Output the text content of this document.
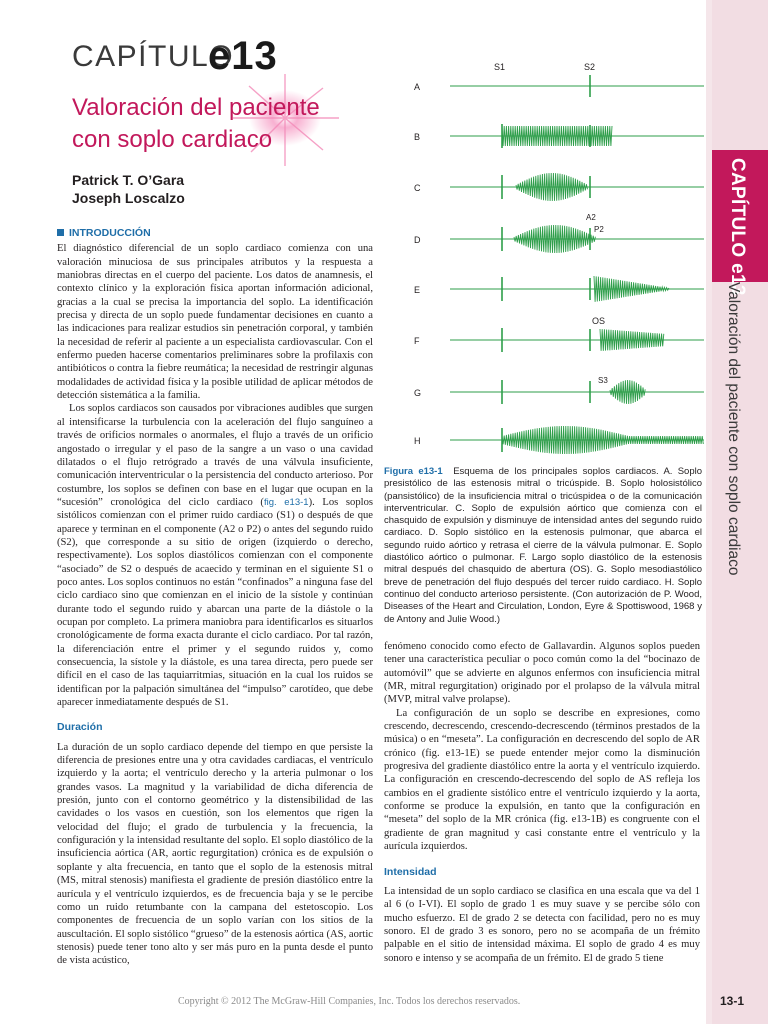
CAPÍTULO e13
Valoración del paciente con soplo cardiaco
CAPÍTULO
e13
Valoración del paciente
con soplo cardiaco
Patrick T. O’Gara
Joseph Loscalzo
INTRODUCCIÓN

El diagnóstico diferencial de un soplo cardiaco comienza con una valoración minuciosa de sus principales atributos y la respuesta a maniobras directas en el cuerpo del paciente. Los datos de anamnesis, el contexto clínico y la exploración física aportan información adicional, gracias a la cual se precisa la importancia del soplo. La identificación precisa y directa de un soplo puede fundamentar decisiones en cuanto a las indicaciones para realizar estudios sin penetración corporal, y también la necesidad de referir al paciente a un especialista cardiovascular. Con el enfermo pueden hacerse comentarios preliminares sobre la profilaxis con antibióticos o contra la fiebre reumática; la necesidad de restringir algunas modalidades de actividad física y la posible utilidad de aplicar métodos de detección sistemática a la familia.

Los soplos cardiacos son causados por vibraciones audibles que surgen al intensificarse la turbulencia con la aceleración del flujo sanguíneo a través de orificios normales o anormales, el flujo a través de un orificio angostado o irregular y el paso de la sangre a un vaso o una cavidad dilatados o el flujo retrógrado a través de una válvula insuficiente, comunicación interventricular o la persistencia del conducto arterioso. Por costumbre, los soplos se definen con base en el lugar que ocupan en la “sucesión” cronológica del ciclo cardiaco (fig. e13-1). Los soplos sistólicos comienzan con el primer ruido cardiaco (S1) o después de que aparece y terminan en el componente (A2 o P2) o antes del segundo ruido (S2), que corresponde a su sitio de origen (izquierdo o derecho, respectivamente). Los soplos diastólicos comienzan con el componente “asociado” de S2 o después de acaecido y terminan en el siguiente S1 o poco antes. Los soplos continuos no están “confinados” a ninguna fase del ciclo cardiaco sino que comienzan en el inicio de la sístole y continúan durante todo el segundo ruido y abarcan una parte de la diástole o la ocupan por completo. La primera maniobra para identificarlos es situarlos cronológicamente de forma exacta durante el ciclo cardiaco. Por tal razón, la diferenciación entre el primer y el segundo ruidos y, como consecuencia, la sístole y la diástole, es una tarea directa, pero puede ser difícil en el caso de las taquiarritmias, situación en la cual los ruidos se identifican por la palpación simultánea del “impulso” carotídeo, que debe aparecer inmediatamente después de S1.

Duración

La duración de un soplo cardiaco depende del tiempo en que persiste la diferencia de presiones entre una y otra cavidades cardiacas, el ventrículo izquierdo y la aorta; el ventrículo derecho y la arteria pulmonar o los grandes vasos. La magnitud y la variabilidad de dicha diferencia de presión, junto con el contorno geométrico y la distensibilidad de las cavidades o los vasos en cuestión, son los elementos que rigen la velocidad del flujo; el grado de turbulencia y la frecuencia, la configuración y la intensidad resultante del soplo. El soplo diastólico de la insuficiencia aórtica (AR, aortic regurgitation) crónica es de expulsión o soplante y alta frecuencia, en tanto que el soplo de la estenosis mitral (MS, mitral stenosis) manifiesta el gradiente de presión diastólico entre la aurícula y el ventrículo izquierdos, es de frecuencia baja y se le percibe como un ruido retumbante con la campana del estetoscopio. Los componentes de frecuencia de un soplo varían con los sitios de la auscultación. El soplo sistólico “grueso” de la estenosis aórtica (AS, aortic stenosis) puede tener tono alto y ser más puro en la punta desde el punto de vista acústico,

A
B
C
D
E
F
G
H
S1	S2
A2
P2
OS
S3
Figura e13-1 Esquema de los principales soplos cardiacos. A. Soplo presistólico de las estenosis mitral o tricúspide. B. Soplo holosistólico (pansistólico) de la insuficiencia mitral o tricúspidea o de la comunicación interventricular. C. Soplo de expulsión aórtico que comienza con el chasquido de expulsión y disminuye de intensidad antes del segundo ruido cardiaco. D. Soplo sistólico en la estenosis pulmonar, que abarca el segundo ruido aórtico y retrasa el cierre de la válvula pulmonar. E. Soplo diastólico aórtico o pulmonar. F. Largo soplo diastólico de la estenosis mitral después del chasquido de abertura (OS). G. Soplo mesodiastólico breve de penetración del flujo después del tercer ruido cardiaco. H. Soplo continuo del conducto arterioso persistente. (Con autorización de P. Wood, Diseases of the Heart and Circulation, London, Eyre & Spottiswood, 1968 y de Antony and Julie Wood.)

fenómeno conocido como efecto de Gallavardin. Algunos soplos pueden tener una característica peculiar o poco común como la del “bocinazo de automóvil” que se advierte en algunos enfermos con insuficiencia mitral (MR, mitral regurgitation) originado por el prolapso de la válvula mitral (MVP, mitral valve prolapse).

La configuración de un soplo se describe en expresiones, como crescendo, decrescendo, crescendo-decrescendo (términos prestados de la música) o en “meseta”. La configuración en decrescendo del soplo de AR crónico (fig. e13-1E) se puede entender mejor como la disminución progresiva del gradiente diastólico entre la aorta y el ventrículo izquierdo. La configuración en crescendo-decrescendo del soplo de AS refleja los cambios en el gradiente sistólico entre el ventrículo izquierdo y la aorta, conforme se produce la expulsión, en tanto que la configuración en “meseta” del soplo de la MR crónica (fig. e13-1B) es congruente con el gradiente de gran magnitud y casi constante entre el ventrículo y la aurícula izquierdos.

Intensidad

La intensidad de un soplo cardiaco se clasifica en una escala que va del 1 al 6 (o I-VI). El soplo de grado 1 es muy suave y se percibe sólo con mucho esfuerzo. El de grado 2 se detecta con facilidad, pero no es muy sonoro. El de grado 3 es sonoro, pero no se acompaña de un frémito palpable en el sitio de intensidad máxima. El soplo de grado 4 es muy sonoro e intenso y se acompaña de un frémito. El de grado 5 tiene

Copyright © 2012 The McGraw-Hill Companies, Inc. Todos los derechos reservados.	13-1
